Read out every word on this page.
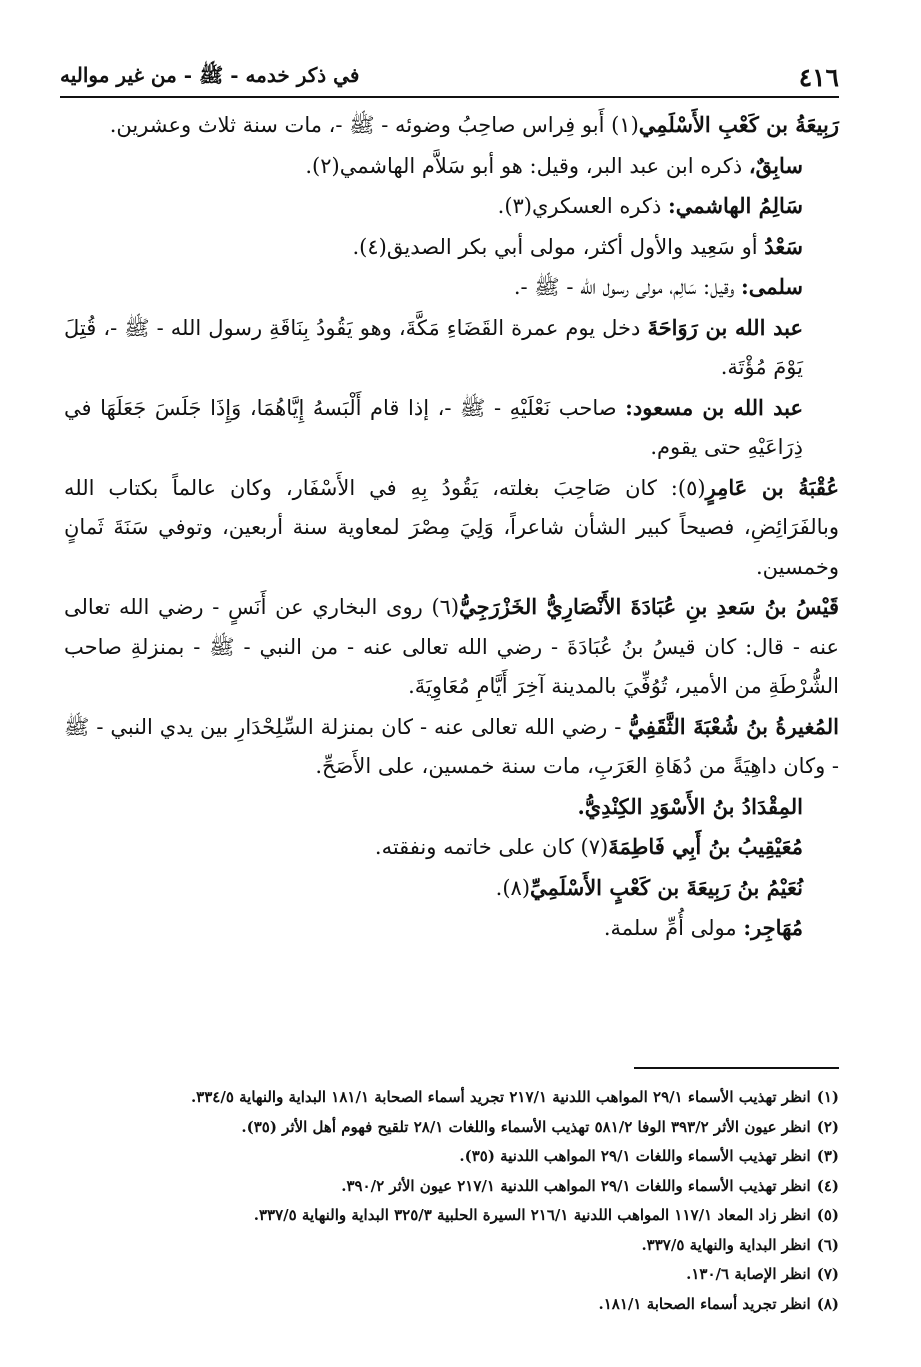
٤١٦
في ذكر خدمه - ﷺ - من غير مواليه

رَبِيعَةُ بن كَعْبِ الأَسْلَمِي(١) أَبو فِراس صاحِبُ وضوئه - ﷺ -، مات سنة ثلاث وعشرين.

سابِقٌ، ذكره ابن عبد البر، وقيل: هو أبو سَلاَّم الهاشمي(٢).

سَالِمُ الهاشمي: ذكره العسكري(٣).

سَعْدُ أو سَعِيد والأول أكثر، مولى أبي بكر الصديق(٤).

سلمى: وقيل: سَالِم، مولى رسول الله - ﷺ -.

عبد الله بن رَوَاحَةَ دخل يوم عمرة القَضَاءِ مَكَّةَ، وهو يَقُودُ بِنَاقَةِ رسول الله - ﷺ -، قُتِلَ يَوْمَ مُؤْتَة.

عبد الله بن مسعود: صاحب نَعْلَيْهِ - ﷺ -، إذا قام أَلْبَسهُ إِيَّاهُمَا، وَإِذَا جَلَسَ جَعَلَهَا في ذِرَاعَيْهِ حتى يقوم.

عُقْبَةُ بن عَامِرٍ(٥): كان صَاحِبَ بغلته، يَقُودُ بِهِ في الأَسْفَار، وكان عالماً بكتاب الله وبالفَرَائِضِ، فصيحاً كبير الشأن شاعراً، وَلِيَ مِصْرَ لمعاوية سنة أربعين، وتوفي سَنَةَ ثَمانٍ وخمسين.

قَيْسُ بنُ سَعدِ بنِ عُبَادَةَ الأَنْصَارِيُّ الخَزْرَجِيُّ(٦) روى البخاري عن أَنَسٍ - رضي الله تعالى عنه - قال: كان قيسُ بنُ عُبَادَةَ - رضي الله تعالى عنه - من النبي - ﷺ - بمنزلةِ صاحب الشُّرْطَةِ من الأمير، تُوُفِّيَ بالمدينة آخِرَ أَيَّامِ مُعَاوِيَةَ.

المُغيرةُ بنُ شُعْبَةَ الثَّقَفِيُّ - رضي الله تعالى عنه - كان بمنزلة السِّلِحْدَارِ بين يدي النبي - ﷺ - وكان داهِيَةً من دُهَاةِ العَرَبِ، مات سنة خمسين، على الأَصَحِّ.

المِقْدَادُ بنُ الأَسْوَدِ الكِنْدِيُّ.

مُعَيْقِيبُ بنُ أَبِي فَاطِمَةَ(٧) كان على خاتمه ونفقته.

نُعَيْمُ بنُ رَبِيعَةَ بن كَعْبٍ الأَسْلَمِيِّ(٨).

مُهَاجِر: مولى أُمِّ سلمة.

(١)انظر تهذيب الأسماء ٢٩/١ المواهب اللدنية ٢١٧/١ تجريد أسماء الصحابة ١٨١/١ البداية والنهاية ٣٣٤/٥.

(٢)انظر عيون الأثر ٣٩٣/٢ الوفا ٥٨١/٢ تهذيب الأسماء واللغات ٢٨/١ تلقيح فهوم أهل الأثر (٣٥).

(٣)انظر تهذيب الأسماء واللغات ٢٩/١ المواهب اللدنية (٣٥).

(٤)انظر تهذيب الأسماء واللغات ٢٩/١ المواهب اللدنية ٢١٧/١ عيون الأثر ٣٩٠/٢.

(٥)انظر زاد المعاد ١١٧/١ المواهب اللدنية ٢١٦/١ السيرة الحلبية ٣٢٥/٣ البداية والنهاية ٣٣٧/٥.

(٦)انظر البداية والنهاية ٣٣٧/٥.

(٧)انظر الإصابة ١٣٠/٦.

(٨)انظر تجريد أسماء الصحابة ١٨١/١.
